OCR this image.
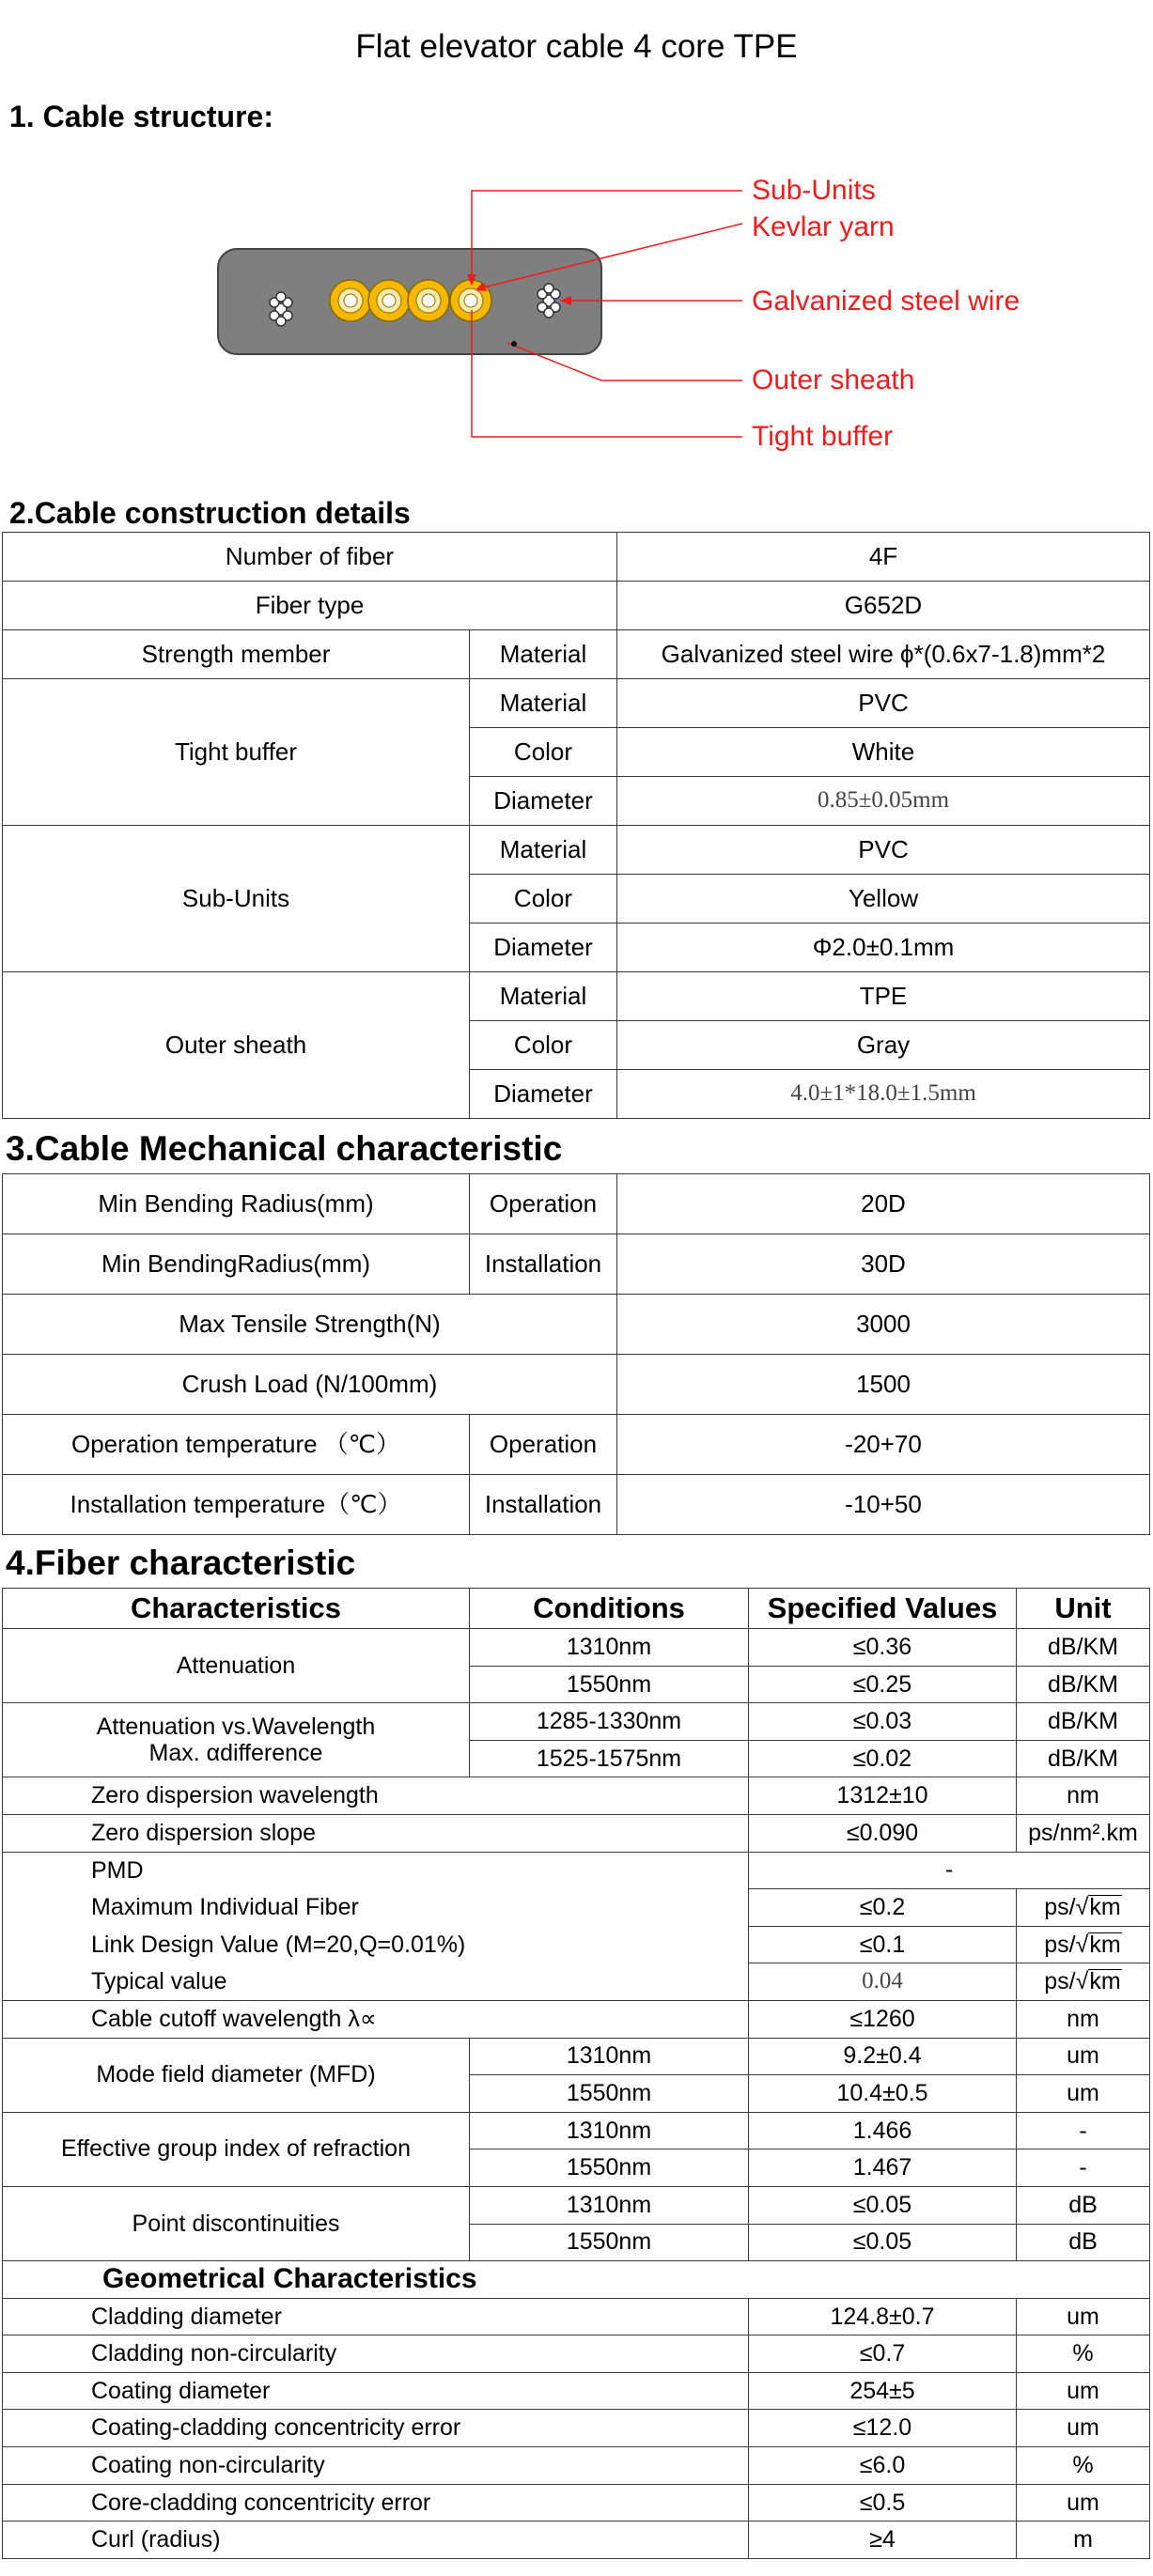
Flat elevator cable 4 core TPE
1. Cable structure:
Sub-Units
Kevlar yarn
Galvanized steel wire
Outer sheath
Tight buffer
2.Cable construction details
Number of fiber		4F
Fiber type		G652D
Strength member	Material	Galvanized steel wire ϕ*(0.6x7-1.8)mm*2
Tight buffer	Material	PVC
	Color	White
	Diameter	0.85±0.05mm
Sub-Units	Material	PVC
	Color	Yellow
	Diameter	Φ2.0±0.1mm
Outer sheath	Material	TPE
	Color	Gray
	Diameter	4.0±1*18.0±1.5mm
3.Cable Mechanical characteristic
Min Bending Radius(mm)	Operation	20D
Min BendingRadius(mm)	Installation	30D
Max Tensile Strength(N)		3000
Crush Load (N/100mm)		1500
Operation temperature （℃）	Operation	-20+70
Installation temperature（℃）	Installation	-10+50
4.Fiber characteristic
Characteristics	Conditions	Specified Values	Unit
Attenuation	1310nm	≤0.36	dB/KM
	1550nm	≤0.25	dB/KM

Attenuation vs.Wavelength
Max. αdifference	1285-1330nm	≤0.03	dB/KM
	1525-1575nm	≤0.02	dB/KM
Zero dispersion wavelength		1312±10	nm
Zero dispersion slope		≤0.090	ps/nm².km
PMD		-	
Maximum Individual Fiber		≤0.2	ps/√km
Link Design Value (M=20,Q=0.01%)		≤0.1	ps/√km
Typical value		0.04	ps/√km
Cable cutoff wavelength λ∝		≤1260	nm
Mode field diameter (MFD)	1310nm	9.2±0.4	um
	1550nm	10.4±0.5	um
Effective group index of refraction	1310nm	1.466	-
	1550nm	1.467	-
Point discontinuities	1310nm	≤0.05	dB
	1550nm	≤0.05	dB
Geometrical Characteristics			
Cladding diameter		124.8±0.7	um
Cladding non-circularity		≤0.7	%
Coating diameter		254±5	um
Coating-cladding concentricity error		≤12.0	um
Coating non-circularity		≤6.0	%
Core-cladding concentricity error		≤0.5	um
Curl (radius)		≥4	m
